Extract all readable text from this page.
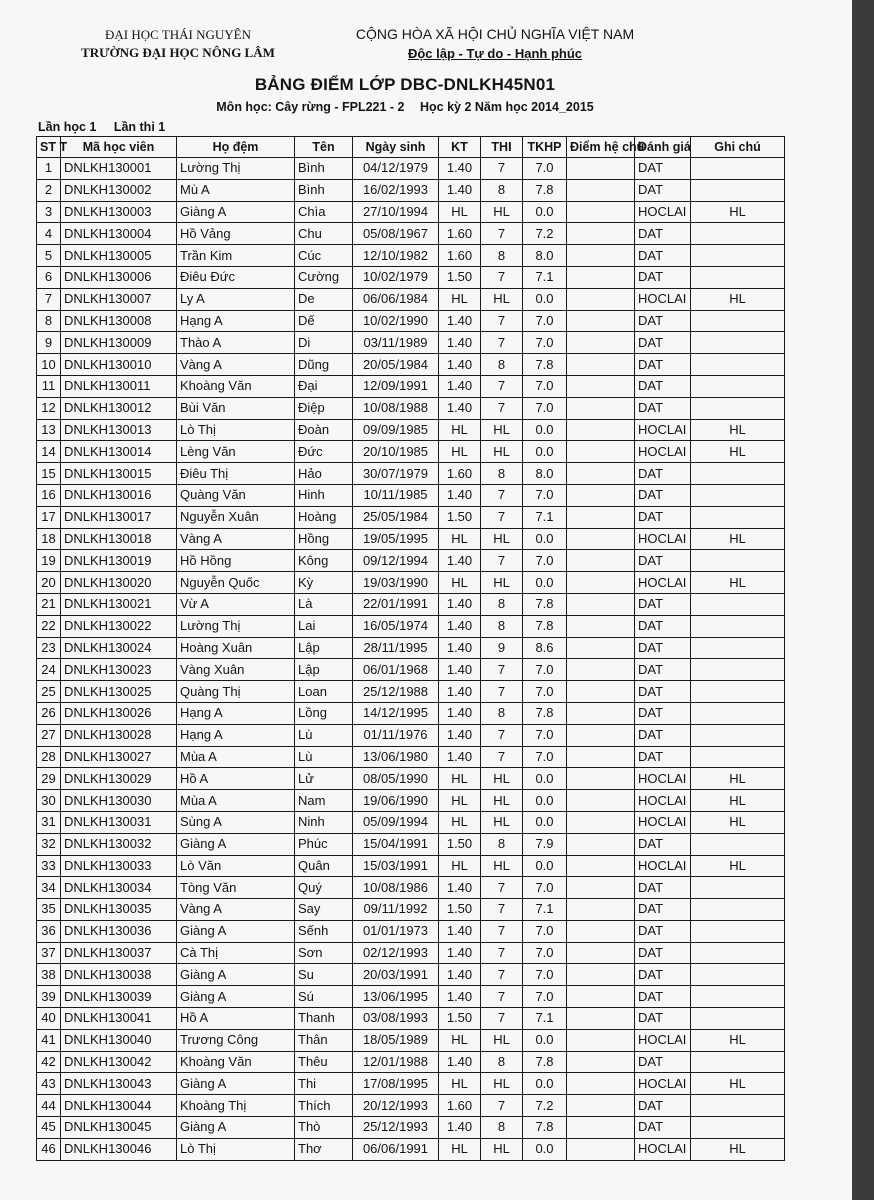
ĐẠI HỌC THÁI NGUYÊN
TRƯỜNG ĐẠI HỌC NÔNG LÂM
CỘNG HÒA XÃ HỘI CHỦ NGHĨA VIỆT NAM
Độc lập - Tự do - Hạnh phúc
BẢNG ĐIỂM LỚP DBC-DNLKH45N01
Môn học: Cây rừng - FPL221 - 2 Học kỳ 2 Năm học 2014_2015
Lần học 1 Lần thi 1
ST T	Mã học viên	Họ đệm	Tên	Ngày sinh	KT	THI	TKHP	Điểm hệ chữ	Đánh giá	Ghi chú
1	DNLKH130001	Lường Thị	Bình	04/12/1979	1.40	7	7.0		DAT	
2	DNLKH130002	Mù A	Bình	16/02/1993	1.40	8	7.8		DAT	
3	DNLKH130003	Giàng A	Chìa	27/10/1994	HL	HL	0.0		HOCLAI	HL
4	DNLKH130004	Hồ Vảng	Chu	05/08/1967	1.60	7	7.2		DAT	
5	DNLKH130005	Trần Kim	Cúc	12/10/1982	1.60	8	8.0		DAT	
6	DNLKH130006	Điêu Đức	Cường	10/02/1979	1.50	7	7.1		DAT	
7	DNLKH130007	Ly A	De	06/06/1984	HL	HL	0.0		HOCLAI	HL
8	DNLKH130008	Hạng A	Dế	10/02/1990	1.40	7	7.0		DAT	
9	DNLKH130009	Thào A	Di	03/11/1989	1.40	7	7.0		DAT	
10	DNLKH130010	Vàng A	Dũng	20/05/1984	1.40	8	7.8		DAT	
11	DNLKH130011	Khoàng Văn	Đại	12/09/1991	1.40	7	7.0		DAT	
12	DNLKH130012	Bùi Văn	Điệp	10/08/1988	1.40	7	7.0		DAT	
13	DNLKH130013	Lò Thị	Đoàn	09/09/1985	HL	HL	0.0		HOCLAI	HL
14	DNLKH130014	Lèng Văn	Đức	20/10/1985	HL	HL	0.0		HOCLAI	HL
15	DNLKH130015	Điêu Thị	Hảo	30/07/1979	1.60	8	8.0		DAT	
16	DNLKH130016	Quàng Văn	Hinh	10/11/1985	1.40	7	7.0		DAT	
17	DNLKH130017	Nguyễn Xuân	Hoàng	25/05/1984	1.50	7	7.1		DAT	
18	DNLKH130018	Vàng A	Hồng	19/05/1995	HL	HL	0.0		HOCLAI	HL
19	DNLKH130019	Hồ Hồng	Kông	09/12/1994	1.40	7	7.0		DAT	
20	DNLKH130020	Nguyễn Quốc	Kỳ	19/03/1990	HL	HL	0.0		HOCLAI	HL
21	DNLKH130021	Vừ A	Là	22/01/1991	1.40	8	7.8		DAT	
22	DNLKH130022	Lường Thị	Lai	16/05/1974	1.40	8	7.8		DAT	
23	DNLKH130024	Hoàng Xuân	Lập	28/11/1995	1.40	9	8.6		DAT	
24	DNLKH130023	Vàng Xuân	Lập	06/01/1968	1.40	7	7.0		DAT	
25	DNLKH130025	Quàng Thị	Loan	25/12/1988	1.40	7	7.0		DAT	
26	DNLKH130026	Hạng A	Lồng	14/12/1995	1.40	8	7.8		DAT	
27	DNLKH130028	Hạng A	Lù	01/11/1976	1.40	7	7.0		DAT	
28	DNLKH130027	Mùa A	Lù	13/06/1980	1.40	7	7.0		DAT	
29	DNLKH130029	Hồ A	Lử	08/05/1990	HL	HL	0.0		HOCLAI	HL
30	DNLKH130030	Mùa A	Nam	19/06/1990	HL	HL	0.0		HOCLAI	HL
31	DNLKH130031	Sùng A	Ninh	05/09/1994	HL	HL	0.0		HOCLAI	HL
32	DNLKH130032	Giàng A	Phúc	15/04/1991	1.50	8	7.9		DAT	
33	DNLKH130033	Lò Văn	Quân	15/03/1991	HL	HL	0.0		HOCLAI	HL
34	DNLKH130034	Tòng Văn	Quý	10/08/1986	1.40	7	7.0		DAT	
35	DNLKH130035	Vàng A	Say	09/11/1992	1.50	7	7.1		DAT	
36	DNLKH130036	Giàng A	Sếnh	01/01/1973	1.40	7	7.0		DAT	
37	DNLKH130037	Cà Thị	Sơn	02/12/1993	1.40	7	7.0		DAT	
38	DNLKH130038	Giàng A	Su	20/03/1991	1.40	7	7.0		DAT	
39	DNLKH130039	Giàng A	Sú	13/06/1995	1.40	7	7.0		DAT	
40	DNLKH130041	Hồ A	Thanh	03/08/1993	1.50	7	7.1		DAT	
41	DNLKH130040	Trương Công	Thân	18/05/1989	HL	HL	0.0		HOCLAI	HL
42	DNLKH130042	Khoàng Văn	Thêu	12/01/1988	1.40	8	7.8		DAT	
43	DNLKH130043	Giàng A	Thi	17/08/1995	HL	HL	0.0		HOCLAI	HL
44	DNLKH130044	Khoàng Thị	Thích	20/12/1993	1.60	7	7.2		DAT	
45	DNLKH130045	Giàng A	Thò	25/12/1993	1.40	8	7.8		DAT	
46	DNLKH130046	Lò Thị	Thơ	06/06/1991	HL	HL	0.0		HOCLAI	HL
